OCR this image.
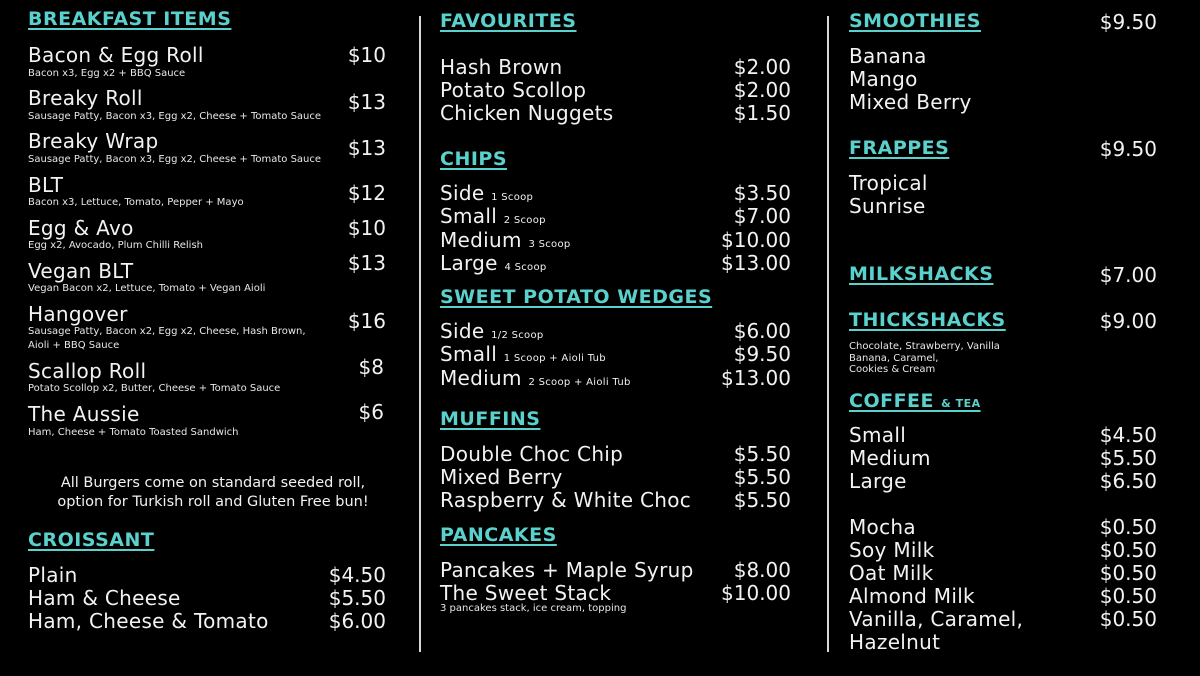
BREAKFAST ITEMS
Bacon & Egg Roll	$10
Bacon x3, Egg x2 + BBQ Sauce
Breaky Roll	$13
Sausage Patty, Bacon x3, Egg x2, Cheese + Tomato Sauce
Breaky Wrap	$13
Sausage Patty, Bacon x3, Egg x2, Cheese + Tomato Sauce
BLT	$12
Bacon x3, Lettuce, Tomato, Pepper + Mayo
Egg & Avo	$10
Egg x2, Avocado, Plum Chilli Relish
Vegan BLT	$13
Vegan Bacon x2, Lettuce, Tomato + Vegan Aioli
Hangover	$16
Sausage Patty, Bacon x2, Egg x2, Cheese, Hash Brown,
Aioli + BBQ Sauce
Scallop Roll	$8
Potato Scollop x2, Butter, Cheese + Tomato Sauce
The Aussie	$6
Ham, Cheese + Tomato Toasted Sandwich
All Burgers come on standard seeded roll,
option for Turkish roll and Gluten Free bun!
CROISSANT
Plain	$4.50
Ham & Cheese	$5.50
Ham, Cheese & Tomato	$6.00
FAVOURITES
Hash Brown	$2.00
Potato Scollop	$2.00
Chicken Nuggets	$1.50
CHIPS
Side 1 Scoop	$3.50
Small 2 Scoop	$7.00
Medium 3 Scoop	$10.00
Large 4 Scoop	$13.00
SWEET POTATO WEDGES
Side 1/2 Scoop	$6.00
Small 1 Scoop + Aioli Tub	$9.50
Medium 2 Scoop + Aioli Tub	$13.00
MUFFINS
Double Choc Chip	$5.50
Mixed Berry	$5.50
Raspberry & White Choc $5.50
PANCAKES
Pancakes + Maple Syrup $8.00
The Sweet Stack	$10.00
3 pancakes stack, ice cream, topping
SMOOTHIES	$9.50
Banana
Mango
Mixed Berry
FRAPPES	$9.50
Tropical
Sunrise
MILKSHACKS	$7.00
THICKSHACKS	$9.00
Chocolate, Strawberry, Vanilla
Banana, Caramel,
Cookies & Cream
COFFEE & TEA
Small	$4.50
Medium	$5.50
Large	$6.50
Mocha	$0.50
Soy Milk	$0.50
Oat Milk	$0.50
Almond Milk	$0.50
Vanilla, Caramel,	$0.50
Hazelnut
